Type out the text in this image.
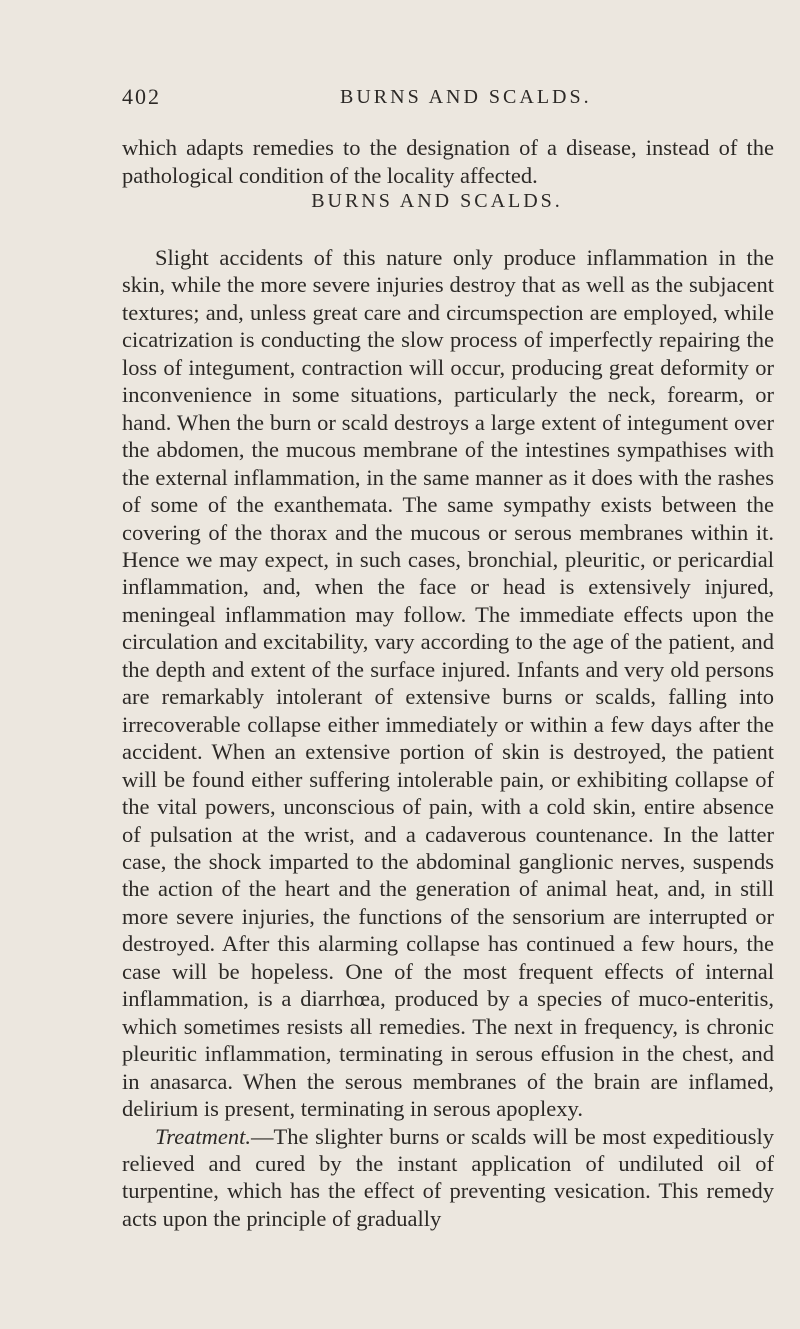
402	BURNS AND SCALDS.

which adapts remedies to the designation of a disease, instead of the pathological condition of the locality affected.

BURNS AND SCALDS.

Slight accidents of this nature only produce inflammation in the skin, while the more severe injuries destroy that as well as the subjacent textures; and, unless great care and circumspection are employed, while cicatrization is conducting the slow process of imperfectly repairing the loss of integument, contraction will occur, producing great deformity or inconvenience in some situations, particularly the neck, forearm, or hand. When the burn or scald destroys a large extent of integument over the abdomen, the mucous membrane of the intestines sympathises with the external inflammation, in the same manner as it does with the rashes of some of the exanthemata. The same sympathy exists between the covering of the thorax and the mucous or serous membranes within it. Hence we may expect, in such cases, bronchial, pleuritic, or pericardial inflammation, and, when the face or head is extensively injured, meningeal inflammation may follow. The immediate effects upon the circulation and excitability, vary according to the age of the patient, and the depth and extent of the surface injured. Infants and very old persons are remarkably intolerant of extensive burns or scalds, falling into irrecoverable collapse either immediately or within a few days after the accident. When an extensive portion of skin is destroyed, the patient will be found either suffering intolerable pain, or exhibiting collapse of the vital powers, unconscious of pain, with a cold skin, entire absence of pulsation at the wrist, and a cadaverous countenance. In the latter case, the shock imparted to the abdominal ganglionic nerves, suspends the action of the heart and the generation of animal heat, and, in still more severe injuries, the functions of the sensorium are interrupted or destroyed. After this alarming collapse has continued a few hours, the case will be hopeless. One of the most frequent effects of internal inflammation, is a diarrhœa, produced by a species of muco-enteritis, which sometimes resists all remedies. The next in frequency, is chronic pleuritic inflammation, terminating in serous effusion in the chest, and in anasarca. When the serous membranes of the brain are inflamed, delirium is present, terminating in serous apoplexy.

Treatment.—The slighter burns or scalds will be most expeditiously relieved and cured by the instant application of undiluted oil of turpentine, which has the effect of preventing vesication. This remedy acts upon the principle of gradually
